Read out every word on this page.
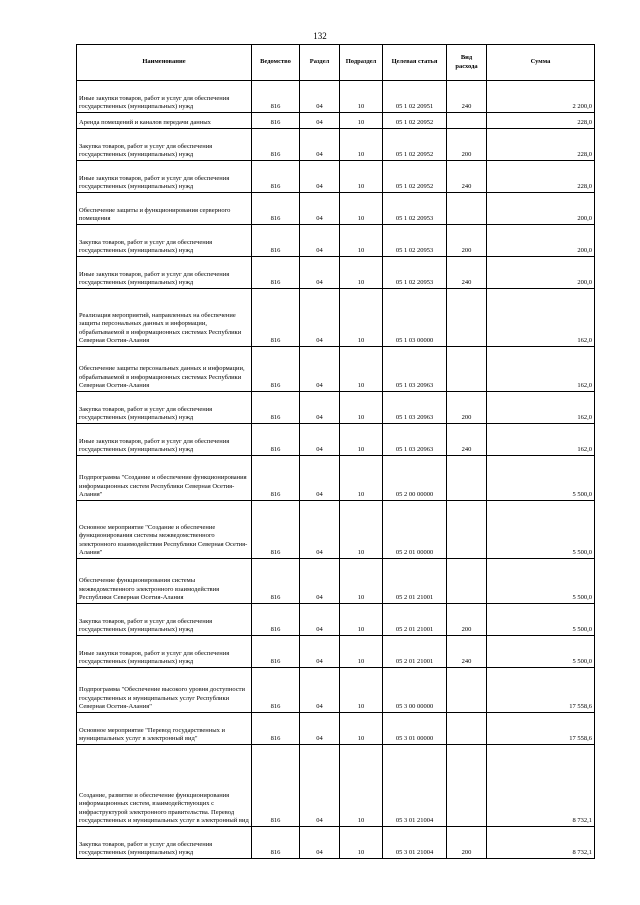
132
Наименование	Ведомство	Раздел	Подраздел	Целевая статья	Вид расхода	Сумма
Иные закупки товаров, работ и услуг для обеспечения государственных (муниципальных) нужд	816	04	10	05 1 02 20951	240	2 200,0
Аренда помещений и каналов передачи данных	816	04	10	05 1 02 20952		228,0
Закупка товаров, работ и услуг для обеспечения государственных (муниципальных) нужд	816	04	10	05 1 02 20952	200	228,0
Иные закупки товаров, работ и услуг для обеспечения государственных (муниципальных) нужд	816	04	10	05 1 02 20952	240	228,0
Обеспечение защиты и функционирования серверного помещения	816	04	10	05 1 02 20953		200,0
Закупка товаров, работ и услуг для обеспечения государственных (муниципальных) нужд	816	04	10	05 1 02 20953	200	200,0
Иные закупки товаров, работ и услуг для обеспечения государственных (муниципальных) нужд	816	04	10	05 1 02 20953	240	200,0
Реализация мероприятий, направленных на обеспечение защиты персональных данных и информации, обрабатываемой в информационных системах Республики Северная Осетия-Алания	816	04	10	05 1 03 00000		162,0
Обеспечение защиты персональных данных и информации, обрабатываемой в информационных системах Республики Северная Осетия-Алания	816	04	10	05 1 03 20963		162,0
Закупка товаров, работ и услуг для обеспечения государственных (муниципальных) нужд	816	04	10	05 1 03 20963	200	162,0
Иные закупки товаров, работ и услуг для обеспечения государственных (муниципальных) нужд	816	04	10	05 1 03 20963	240	162,0
Подпрограмма "Создание и обеспечение функционирования информационных систем Республики Северная Осетия-Алания"	816	04	10	05 2 00 00000		5 500,0
Основное мероприятие "Создание и обеспечение функционирования системы межведомственного электронного взаимодействия Республики Северная Осетия-Алания"	816	04	10	05 2 01 00000		5 500,0
Обеспечение функционирования системы межведомственного электронного взаимодействия Республики Северная Осетия-Алания	816	04	10	05 2 01 21001		5 500,0
Закупка товаров, работ и услуг для обеспечения государственных (муниципальных) нужд	816	04	10	05 2 01 21001	200	5 500,0
Иные закупки товаров, работ и услуг для обеспечения государственных (муниципальных) нужд	816	04	10	05 2 01 21001	240	5 500,0
Подпрограмма "Обеспечение высокого уровня доступности государственных и муниципальных услуг Республики Северная Осетия-Алания"	816	04	10	05 3 00 00000		17 558,6
Основное мероприятие "Перевод государственных и муниципальных услуг в электронный вид"	816	04	10	05 3 01 00000		17 558,6
Создание, развитие и обеспечение функционирования информационных систем, взаимодействующих с инфраструктурой электронного правительства. Перевод государственных и муниципальных услуг в электронный вид	816	04	10	05 3 01 21004		8 732,1
Закупка товаров, работ и услуг для обеспечения государственных (муниципальных) нужд	816	04	10	05 3 01 21004	200	8 732,1
